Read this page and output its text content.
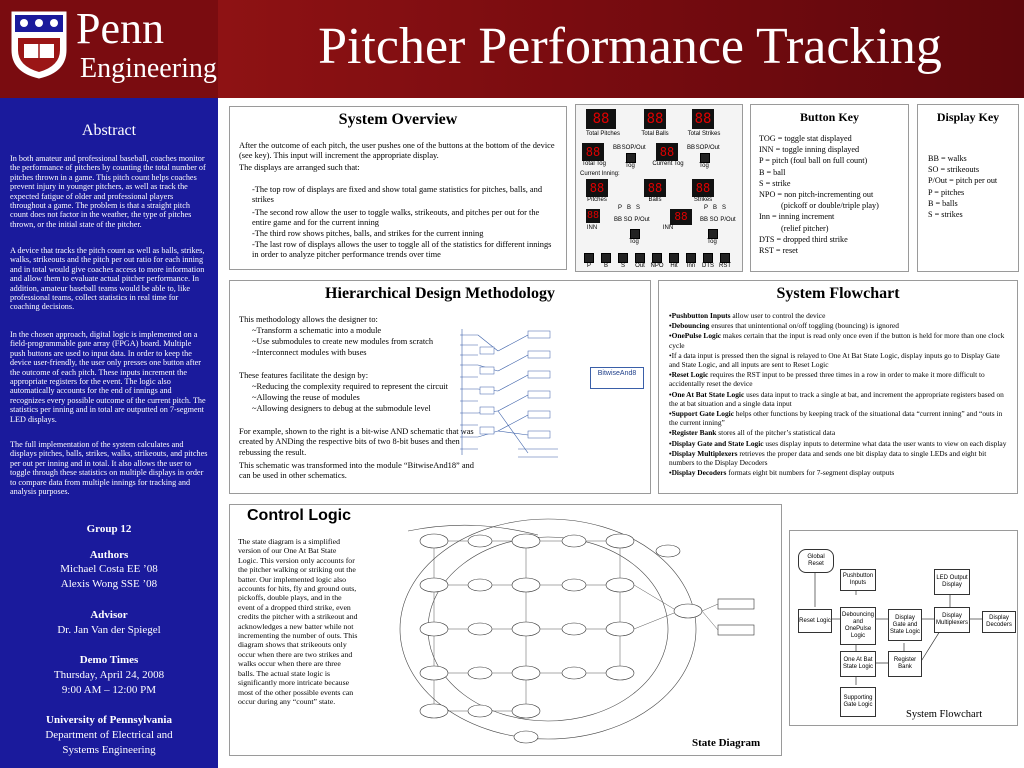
Penn
Engineering	Pitcher Performance Tracking
Abstract
In both amateur and professional baseball, coaches monitor the performance of pitchers by counting the total number of pitches thrown in a game. This pitch count helps coaches prevent injury in younger pitchers, as well as track the expected fatigue of older and professional players throughout a game. The problem is that a straight pitch count does not factor in the weather, the type of pitches thrown, or the initial state of the pitcher.
A device that tracks the pitch count as well as balls, strikes, walks, strikeouts and the pitch per out ratio for each inning and in total would give coaches access to more information and allow them to evaluate actual pitcher performance. In addition, amateur baseball teams would be able to, like professional teams, collect statistics in real time for coaching decisions.
In the chosen approach, digital logic is implemented on a field-programmable gate array (FPGA) board. Multiple push buttons are used to input data. In order to keep the device user-friendly, the user only presses one button after the outcome of each pitch. These inputs increment the appropriate registers for the event. The logic also automatically accounts for the end of innings and recognizes every possible outcome of the current pitch. The statistics per inning and in total are outputted on 7-segment LED displays.
The full implementation of the system calculates and displays pitches, balls, strikes, walks, strikeouts, and pitches per out per inning and in total. It also allows the user to toggle through these statistics on multiple displays in order to compare data from multiple innings for tracking and analysis purposes.
Group 12
Authors
Michael Costa EE ’08
Alexis Wong SSE ’08
Advisor
Dr. Jan Van der Spiegel
Demo Times
Thursday, April 24, 2008
9:00 AM – 12:00 PM
University of Pennsylvania
Department of Electrical and
Systems Engineering
System Overview
After the outcome of each pitch, the user pushes one of the buttons at the bottom of the device (see key). This input will increment the appropriate display.
The displays are arranged such that:
-The top row of displays are fixed and show total game statistics for pitches, balls, and strikes
-The second row allow the user to toggle walks, strikeouts, and pitches per out for the entire game and for the current inning
-The third row shows pitches, balls, and strikes for the current inning
-The last row of displays allows the user to toggle all of the statistics for different innings in order to analyze pitcher performance trends over time
88	88 88
Total Pitches	Total Balls	Total Strikes
88
Total Tog
BB SO P/Out
Tog
88
Current Tog
BB SO P/Out
Tog
Current Inning:
88	88	88
Pitches	Balls	Strikes
88
INN
P B S
88
P B S
BB SO P/Out
INN
BB SO P/Out
Tog	Tog
P	B	S	Out NPO	Hit	Inn	DTS RST
Button Key
TOG = toggle stat displayed
INN = toggle inning displayed
P = pitch (foul ball on full count)
B = ball
S = strike
NPO = non pitch-incrementing out
(pickoff or double/triple play)
Inn = inning increment
(relief pitcher)
DTS = dropped third strike
RST = reset
Display Key
BB = walks
SO = strikeouts
P/Out = pitch per out
P = pitches
B = balls
S = strikes
Hierarchical Design Methodology
This methodology allows the designer to:
~Transform a schematic into a module
~Use submodules to create new modules from scratch
~Interconnect modules with buses
These features facilitate the design by:
~Reducing the complexity required to represent the circuit
~Allowing the reuse of modules
~Allowing designers to debug at the submodule level
For example, shown to the right is a bit-wise AND schematic that was created by ANDing the respective bits of two 8-bit buses and then rebussing the result.
This schematic was transformed into the module “BitwiseAnd18” and can be used in other schematics.
BitwiseAnd8
System Flowchart
•Pushbutton Inputs allow user to control the device
•Debouncing ensures that unintentional on/off toggling (bouncing) is ignored
•OnePulse Logic makes certain that the input is read only once even if the button is held for more than one clock cycle
•If a data input is pressed then the signal is relayed to One At Bat State Logic, display inputs go to Display Gate and State Logic, and all inputs are sent to Reset Logic
•Reset Logic requires the RST input to be pressed three times in a row in order to make it more difficult to accidentally reset the device
•One At Bat State Logic uses data input to track a single at bat, and increment the appropriate registers based on the at bat situation and a single data input
•Support Gate Logic helps other functions by keeping track of the situational data “current inning” and “outs in the current inning”
•Register Bank stores all of the pitcher’s statistical data
•Display Gate and State Logic uses display inputs to determine what data the user wants to view on each display
•Display Multiplexers retrieves the proper data and sends one bit display data to single LEDs and eight bit numbers to the Display Decoders
•Display Decoders formats eight bit numbers for 7-segment display outputs
Control Logic
The state diagram is a simplified version of our One At Bat State Logic. This version only accounts for the pitcher walking or striking out the batter. Our implemented logic also accounts for hits, fly and ground outs, pickoffs, double plays, and in the event of a dropped third strike, even credits the pitcher with a strikeout and acknowledges a new batter while not incrementing the number of outs. This diagram shows that strikeouts only occur when there are two strikes and walks occur when there are three balls. The actual state logic is significantly more intricate because most of the other possible events can occur during any “count” state.
State Diagram
Global Reset
Pushbutton Inputs
Reset Logic
Debouncing and OnePulse Logic
Display Gate and State Logic
LED Output Display
Display Multiplexers
Display Decoders
One At Bat State Logic
Register Bank
Supporting Gate Logic
System Flowchart
